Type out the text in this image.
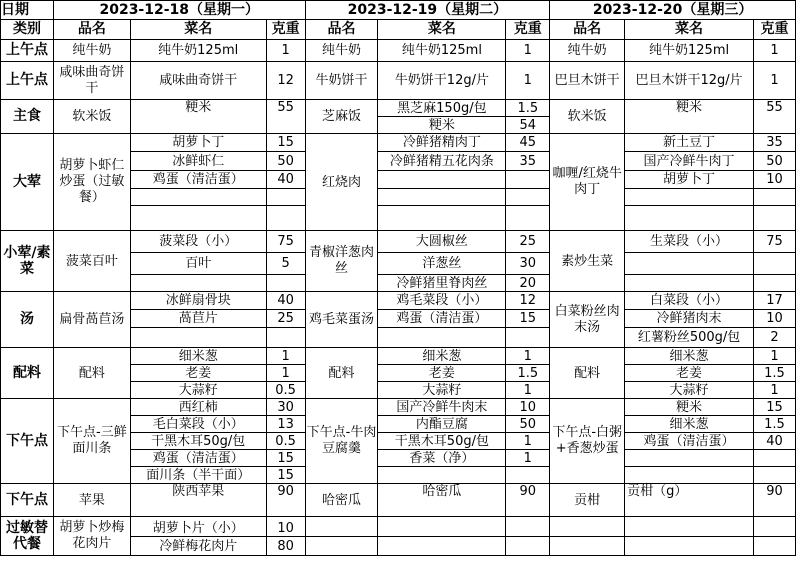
日期	2023-12-18（星期一）			2023-12-19（星期二）			2023-12-20（星期三）		
类别	品名	菜名	克重	品名	菜名	克重	品名	菜名	克重
上午点	纯牛奶	纯牛奶125ml	1	纯牛奶	纯牛奶125ml	1	纯牛奶	纯牛奶125ml	1
上午点	咸味曲奇饼干	咸味曲奇饼干	12	牛奶饼干	牛奶饼干12g/片	1	巴旦木饼干	巴旦木饼干12g/片	1
主食	软米饭	粳米	55	芝麻饭	黑芝麻150g/包	1.5	软米饭	粳米	55
					粳米	54			
大荤	胡萝卜虾仁炒蛋（过敏餐）	胡萝卜丁	15	红烧肉	冷鲜猪精肉丁	45	咖喱/红烧牛肉丁	新土豆丁	35
		冰鲜虾仁	50		冷鲜猪精五花肉条	35		国产冷鲜牛肉丁	50
		鸡蛋（清洁蛋）	40					胡萝卜丁	10

小荤/素菜	菠菜百叶	菠菜段（小）	75	青椒洋葱肉丝	大圆椒丝	25	素炒生菜	生菜段（小）	75
		百叶	5		洋葱丝	30			
					冷鲜猪里脊肉丝	20			
汤	扁骨萵苣汤	冰鲜扇骨块	40	鸡毛菜蛋汤	鸡毛菜段（小）	12	白菜粉丝肉末汤	白菜段（小）	17
		萵苣片	25		鸡蛋（清洁蛋）	15		冷鲜猪肉末	10
								红薯粉丝500g/包	2
配料	配料	细米葱	1	配料	细米葱	1	配料	细米葱	1
		老姜	1		老姜	1.5		老姜	1.5
		大蒜籽	0.5		大蒜籽	1		大蒜籽	1
下午点	下午点-三鲜面川条	西红柿	30	下午点-牛肉豆腐羹	国产冷鲜牛肉末	10	下午点-白粥+香葱炒蛋	粳米	15
		毛白菜段（小）	13		内酯豆腐	50		细米葱	1.5
		干黑木耳50g/包	0.5		干黑木耳50g/包	1		鸡蛋（清洁蛋）	40
		鸡蛋（清洁蛋）	15		香菜（净）	1			
		面川条（半干面）	15						
下午点	苹果	陕西苹果	90	哈密瓜	哈密瓜	90	贡柑	贡柑（g）	90
过敏替代餐	胡萝卜炒梅花肉片	胡萝卜片（小）	10						
		冷鲜梅花肉片	80						
